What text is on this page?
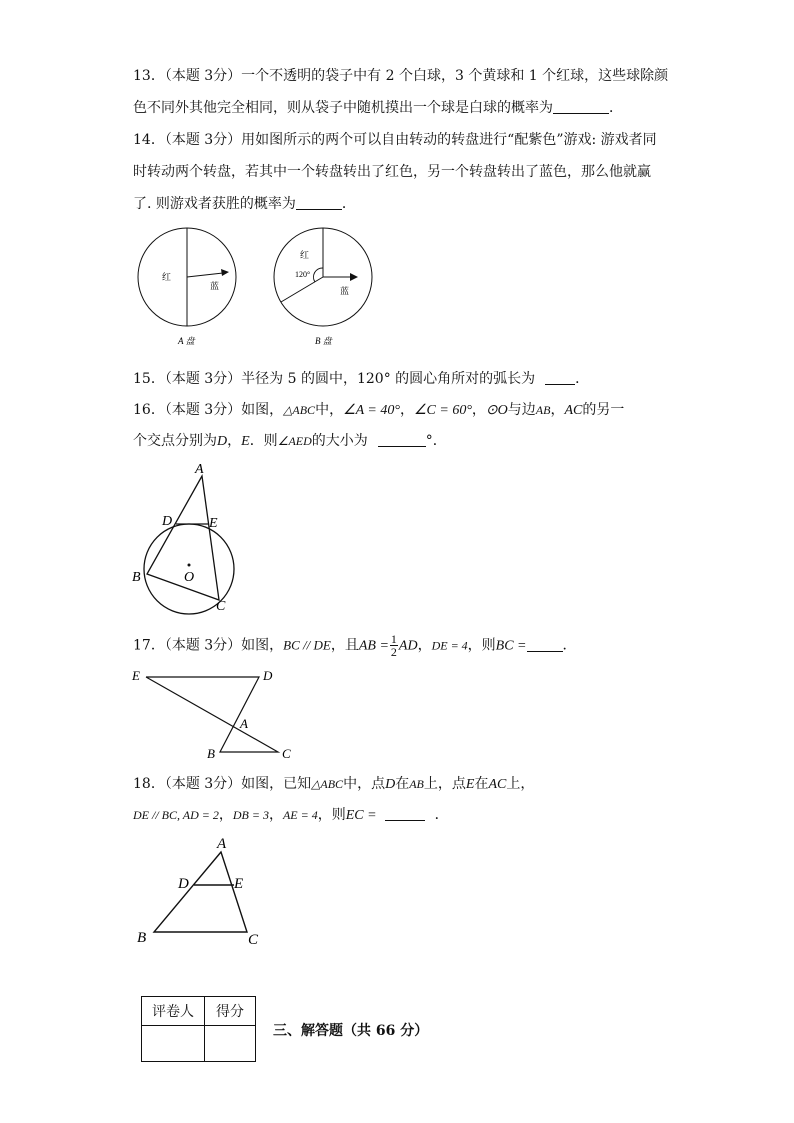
13．（本题 3分）一个不透明的袋子中有 2 个白球，3 个黄球和 1 个红球，这些球除颜
色不同外其他完全相同，则从袋子中随机摸出一个球是白球的概率为	．
14．（本题 3分）用如图所示的两个可以自由转动的转盘进行“配紫色”游戏: 游戏者同
时转动两个转盘，若其中一个转盘转出了红色，另一个转盘转出了蓝色，那么他就赢
了. 则游戏者获胜的概率为	．
红
蓝
A 盘
红
120°
蓝
B 盘
15．（本题 3分）半径为 5 的圆中，120° 的圆心角所对的弧长为	．
16．（本题 3分）如图，△ABC中，∠A = 40°，∠C = 60°，⊙O与边AB，AC的另一
个交点分别为D，E．则∠AED的大小为	°．
A
D	E
B	O
C
17．（本题 3分）如图，BC // DE，且AB = $\frac{1}{2}$ AD，DE = 4，则BC =	．
E	D
A
B	C
18．（本题 3分）如图，已知△ABC中，点D在AB上，点E在AC上，
DE // BC, AD = 2，DB = 3，AE = 4，则EC =	．
A
D	E
B	C
评卷人	得分

三、解答题（共 66 分）
